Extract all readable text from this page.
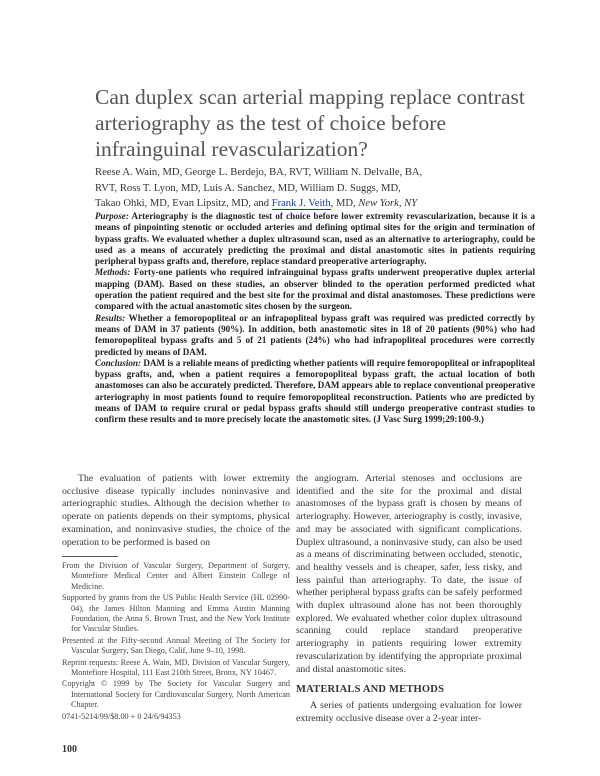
Can duplex scan arterial mapping replace contrast arteriography as the test of choice before infrainguinal revascularization?
Reese A. Wain, MD, George L. Berdejo, BA, RVT, William N. Delvalle, BA,
RVT, Ross T. Lyon, MD, Luis A. Sanchez, MD, William D. Suggs, MD,
Takao Ohki, MD, Evan Lipsitz, MD, and Frank J. Veith, MD, New York, NY

Purpose: Arteriography is the diagnostic test of choice before lower extremity revascularization, because it is a means of pinpointing stenotic or occluded arteries and defining optimal sites for the origin and termination of bypass grafts. We evaluated whether a duplex ultrasound scan, used as an alternative to arteriography, could be used as a means of accurately predicting the proximal and distal anastomotic sites in patients requiring peripheral bypass grafts and, therefore, replace standard preoperative arteriography.

Methods: Forty-one patients who required infrainguinal bypass grafts underwent preoperative duplex arterial mapping (DAM). Based on these studies, an observer blinded to the operation performed predicted what operation the patient required and the best site for the proximal and distal anastomoses. These predictions were compared with the actual anastomotic sites chosen by the surgeon.

Results: Whether a femoropopliteal or an infrapopliteal bypass graft was required was predicted correctly by means of DAM in 37 patients (90%). In addition, both anastomotic sites in 18 of 20 patients (90%) who had femoropopliteal bypass grafts and 5 of 21 patients (24%) who had infrapopliteal procedures were correctly predicted by means of DAM.

Conclusion: DAM is a reliable means of predicting whether patients will require femoropopliteal or infrapopliteal bypass grafts, and, when a patient requires a femoropopliteal bypass graft, the actual location of both anastomoses can also be accurately predicted. Therefore, DAM appears able to replace conventional preoperative arteriography in most patients found to require femoropopliteal reconstruction. Patients who are predicted by means of DAM to require crural or pedal bypass grafts should still undergo preoperative contrast studies to confirm these results and to more precisely locate the anastomotic sites. (J Vasc Surg 1999;29:100-9.)

The evaluation of patients with lower extremity occlusive disease typically includes noninvasive and arteriographic studies. Although the decision whether to operate on patients depends on their symptoms, physical examination, and noninvasive studies, the choice of the operation to be performed is based on

From the Division of Vascular Surgery, Department of Surgery, Montefiore Medical Center and Albert Einstein College of Medicine.

Supported by grants from the US Public Health Service (HL 02990-04), the James Hilton Manning and Emma Austin Manning Foundation, the Anna S. Brown Trust, and the New York Institute for Vascular Studies.

Presented at the Fifty-second Annual Meeting of The Society for Vascular Surgery, San Diego, Calif, June 9–10, 1998.

Reprint requests: Reese A. Wain, MD, Division of Vascular Surgery, Montefiore Hospital, 111 East 210th Street, Bronx, NY 10467.

Copyright © 1999 by The Society for Vascular Surgery and International Society for Cardiovascular Surgery, North American Chapter.

0741-5214/99/$8.00 + 0 24/6/94353

the angiogram. Arterial stenoses and occlusions are identified and the site for the proximal and distal anastomoses of the bypass graft is chosen by means of arteriography. However, arteriography is costly, invasive, and may be associated with significant complications. Duplex ultrasound, a noninvasive study, can also be used as a means of discriminating between occluded, stenotic, and healthy vessels and is cheaper, safer, less risky, and less painful than arteriography. To date, the issue of whether peripheral bypass grafts can be safely performed with duplex ultrasound alone has not been thoroughly explored. We evaluated whether color duplex ultrasound scanning could replace standard preoperative arteriography in patients requiring lower extremity revascularization by identifying the appropriate proximal and distal anastomotic sites.

MATERIALS AND METHODS

A series of patients undergoing evaluation for lower extremity occlusive disease over a 2-year inter-

100
